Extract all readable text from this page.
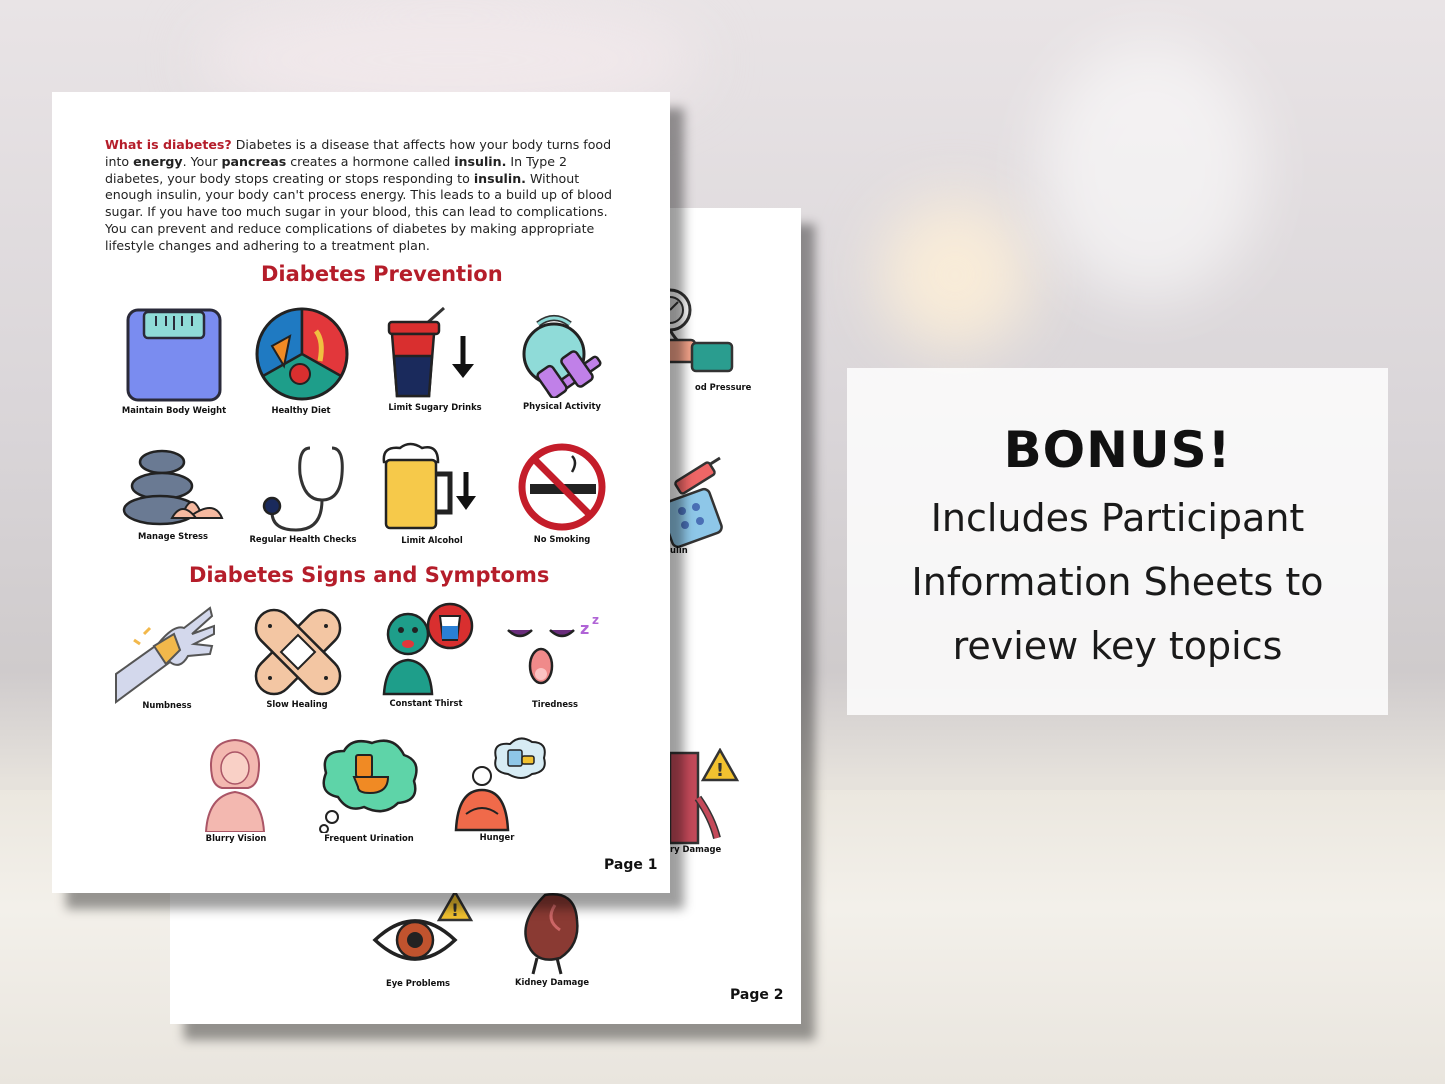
od Pressure
ulin
!
ry Damage
!
Eye Problems	Kidney Damage
Page 2

What is diabetes? Diabetes is a disease that affects how your body turns food into energy. Your pancreas creates a hormone called insulin. In Type 2 diabetes, your body stops creating or stops responding to insulin. Without enough insulin, your body can't process energy. This leads to a build up of blood sugar. If you have too much sugar in your blood, this can lead to complications. You can prevent and reduce complications of diabetes by making appropriate lifestyle changes and adhering to a treatment plan.

Diabetes Prevention
Maintain Body Weight	Healthy Diet	Limit Sugary Drinks	Physical Activity
Manage Stress	Regular Health Checks	Limit Alcohol	No Smoking
Diabetes Signs and Symptoms
z z
Numbness	Slow Healing	Constant Thirst	Tiredness
Blurry Vision	Frequent Urination	Hunger
Page 1
BONUS!
Includes Participant
Information Sheets to
review key topics
